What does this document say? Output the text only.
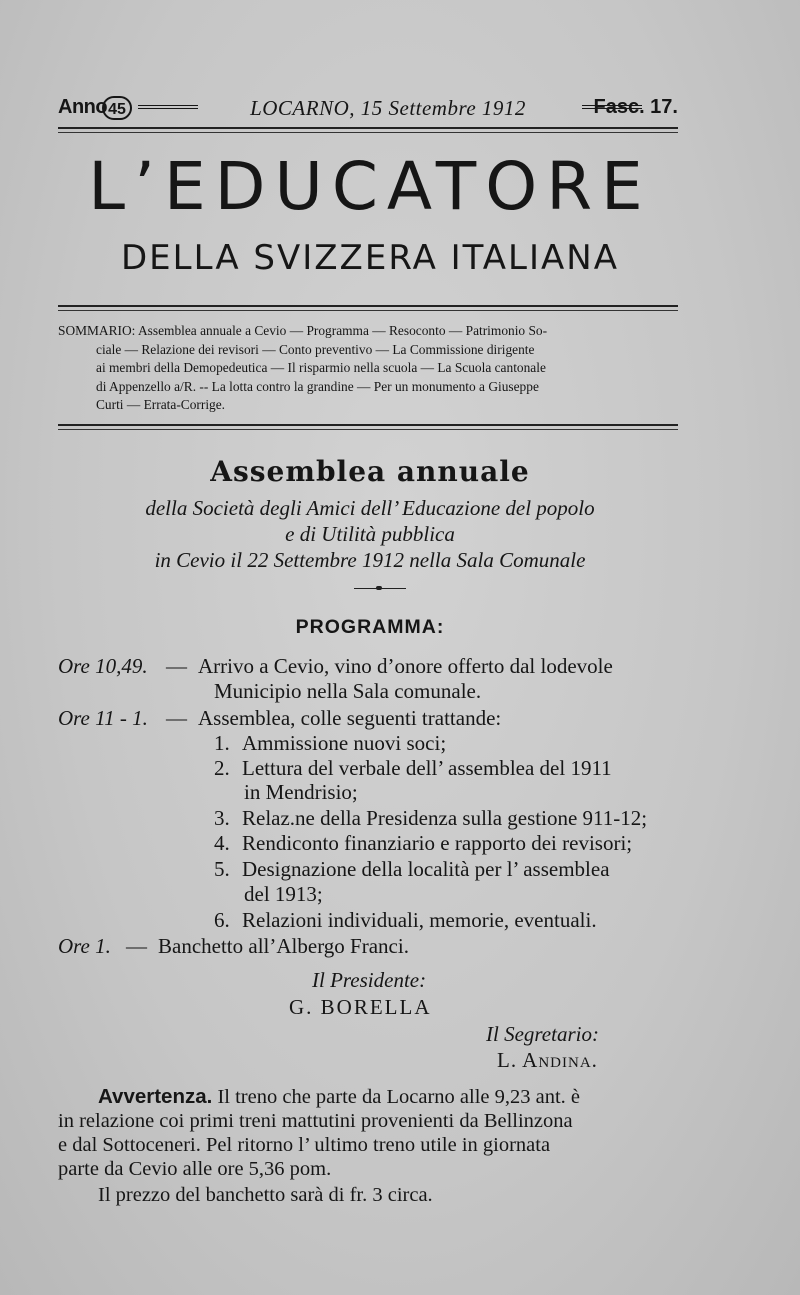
Anno 45	LOCARNO, 15 Settembre 1912	Fasc. 17.
L’EDUCATORE
DELLA SVIZZERA ITALIANA
SOMMARIO: Assemblea annuale a Cevio — Programma — Resoconto — Patrimonio So-
ciale — Relazione dei revisori — Conto preventivo — La Commissione dirigente
ai membri della Demopedeutica — Il risparmio nella scuola — La Scuola cantonale
di Appenzello a/R. -- La lotta contro la grandine — Per un monumento a Giuseppe
Curti — Errata-Corrige.
Assemblea annuale
della Società degli Amici dell’ Educazione del popolo
e di Utilità pubblica
in Cevio il 22 Settembre 1912 nella Sala Comunale
PROGRAMMA:
Ore 10,49. — Arrivo a Cevio, vino d’onore offerto dal lodevole
Municipio nella Sala comunale.
Ore 11 - 1. — Assemblea, colle seguenti trattande:
1. Ammissione nuovi soci;
2. Lettura del verbale dell’ assemblea del 1911
in Mendrisio;
3. Relaz.ne della Presidenza sulla gestione 911-12;
4. Rendiconto finanziario e rapporto dei revisori;
5. Designazione della località per l’ assemblea
del 1913;
6. Relazioni individuali, memorie, eventuali.
Ore 1. — Banchetto all’Albergo Franci.
Il Presidente:
G. BORELLA
Il Segretario:
L. Andina.
Avvertenza. Il treno che parte da Locarno alle 9,23 ant. è
in relazione coi primi treni mattutini provenienti da Bellinzona
e dal Sottoceneri. Pel ritorno l’ ultimo treno utile in giornata
parte da Cevio alle ore 5,36 pom.
Il prezzo del banchetto sarà di fr. 3 circa.
